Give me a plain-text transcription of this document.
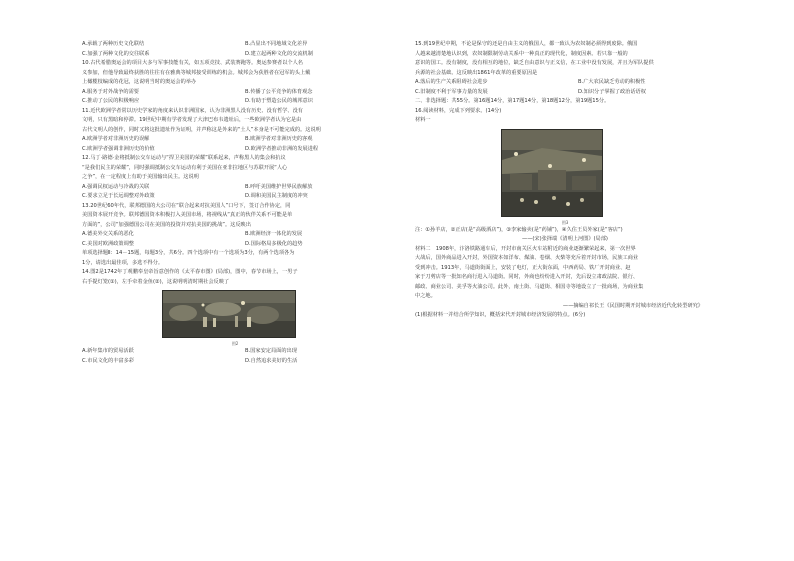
A.承载了两种历史文化联结	B.凸显出不同地域文化差异
C.加强了两种文化的交往联系	D.建立起两种文化的交流机制
10.古代希腊奥运会的项目大多与军事技能有关，如五项竞技、武装赛跑等。奥运参赛者以个人名
义参加，但他导致最终获胜的往往有在雅典等城邦接受训练的机会。城邦会为获胜者在冠军的头上戴
上橄榄枝编成的花冠，这说明当时的奥运会的举办
A.服务于对外战争的需要	B.传播了公平竞争的体育观念
C.推动了公民的积极响应	D.有助于塑造公民的城邦意识
11.近代欧洲学者常以历史学家的角度来认识非洲国家，认为非洲黑人没有历史、没有哲学、没有
文明，只有黑暗和停滞。19世纪中期有学者发现了大津巴布韦遗址后，一些欧洲学者认为它是由
古代文明人的创作，同时又将这批遗址作为证明，并声称这是外来的“土人”本身是不可能完成的。这说明
A.欧洲学者对非洲历史的误解	B.欧洲学者对非洲历史的客观
C.欧洲学者强调非洲历史的价值	D.欧洲学者推动非洲的发展进程
12.马丁·路德·金将抵制公交车运动与“捍卫美国的荣耀”联系起来，声称黑人的集会和抗议
“是我们民主的荣耀”，同时强调抵制公交车运动有利于美国在亚非拉地区与苏联开展“人心
之争”，在一定程度上有助于美国输出民主。这说明
A.强调民权运动与冷战的关联	B.呼吁美国维护世界民族解放
C.要求立足于长远调整对外政策	D.调和美国民主制度的冲突
13.20世纪60年代，联邦德国的大公司在“联合起来对抗美国人”口号下，签订合作协定，同
美国资本展开竞争。联邦德国资本积极打入美国市场，将视线从“真正的伙伴关系不可能是单
方面的”，公司“加强德国公司在美国的投资并对抗美国的挑战”。这反映出
A.德美外交关系的恶化	B.欧洲经济一体化的发展
C.美国对欧洲政策调整	D.国际格局多极化的趋势
单项选择题Ⅱ：14－15题，每题3分，共6分。四个选项中有一个选项为3分，有两个选项各为
1分，请选出最佳项，多选不得分。
14.图2是1742年丁观鹏奉皇帝旨意创作的《太平春市图》(局部)，图中，春节市场上，一男子
右手提灯笼(①)，左手牵着金鱼(②)，这说明明清时期社会反映了
图2
A.新年集市的贸易活跃	B.国家安定局面的出现
C.市民文化的丰富多彩	D.自然追求美好的生活
15.到19世纪中期，不论是保守的还是自由主义的俄国人，都一致认为农奴制必须得到废除。俄国
人越来越清楚地认识到，农奴制限制劳动关系中一种真正的现代化，制度因素。若只靠一般的
意识的国工。没有制度，没有相互的地位，缺乏自由意识与正义信，在工业中没有发展，并且为军队提供
兵源的社会基础。这反映出1861年改革的重要原因是
A.落后的生产关系阻碍社会进步	B.广大农民缺乏劳动的积极性
C.旧制度不利于军事力量的发展	D.知识分子掌握了政治话语权
二、非选择题：共55分。第16题14分，第17题14分，第18题12分，第19题15分。
16.阅读材料，完成下列要求。(14分)
材料一
图3
注：①孙羊店，②正店(是“高级酒店”)，③李家输卖(是“药铺”)，④久住王员外家(是“客店”)
——(宋)张择端《清明上河图》(局部)
材料二　1908年，汴洛铁路通车后，开封市南关区火车站附近的商业逐渐繁荣起来，第一次世界
大战后，国外商品进入开封，外国资本如洋布、煤油、卷烟、火柴等充斥着开封市场，民族工商业
受到冲击。1913年，马道街街面上，安装了电灯，正大街东面，中西药局、铁厂开封商业、赵
家于刀剪店等一批知名商行进入马道街。同时，外商也纷纷进入开封，先后设立肃政法院、银行、
邮政、商业公司、美孚等火油公司。此外，南土街、马道街、相国寺等地设立了一批商场，为商业集
中之地。
——摘编自祁长王《民国时期开封城市经济近代化转型研究》
(1)根据材料一并结合所学知识，概括宋代开封城市经济发展的特点。(6分)
